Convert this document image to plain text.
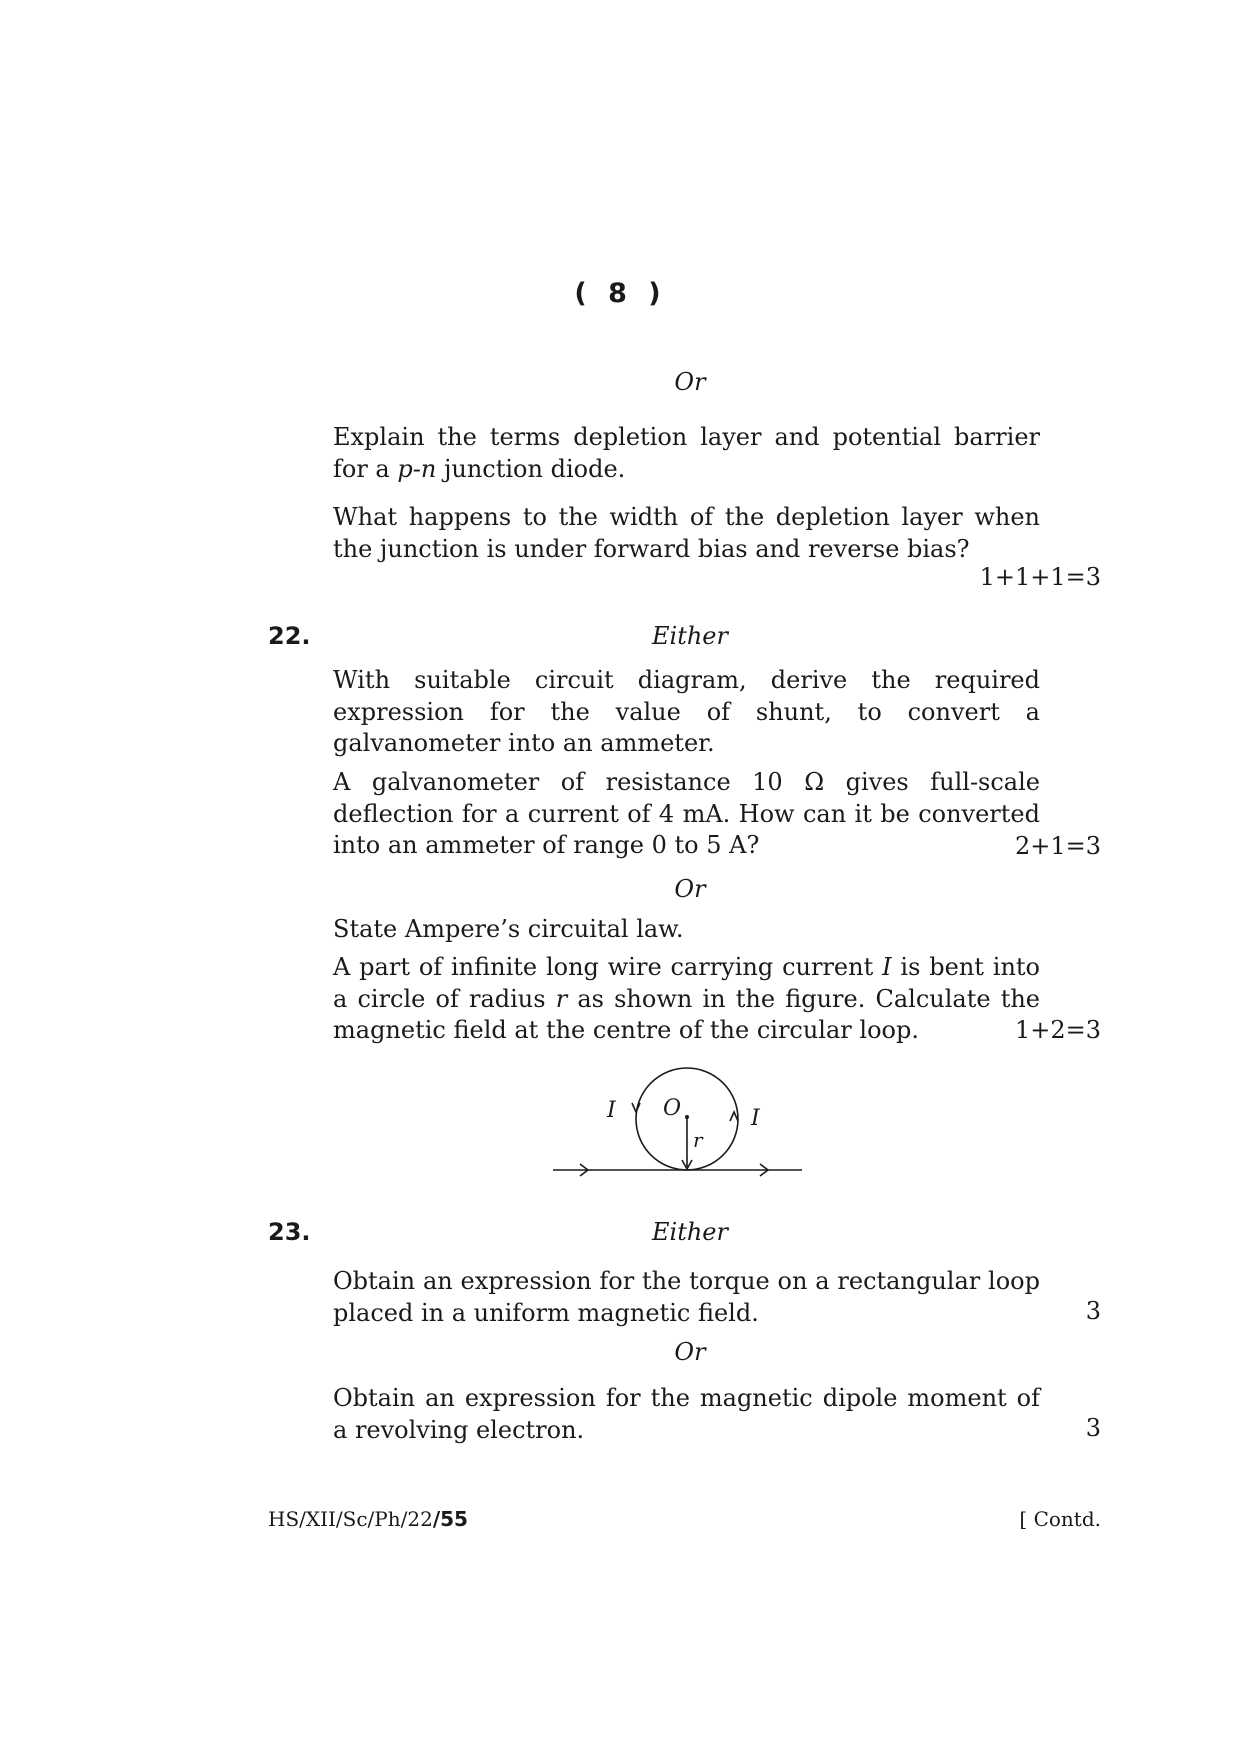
( 8 )
Or
Explain the terms depletion layer and potential barrier

for a p-n junction diode.
What happens to the width of the depletion layer when the junction is under forward bias and reverse bias?
1+1+1=3
22.	Either
With suitable circuit diagram, derive the required expression for the value of shunt, to convert a galvanometer into an ammeter.
A galvanometer of resistance 10 Ω gives full-scale deflection for a current of 4 mA. How can it be converted into an ammeter of range 0 to 5 A?	2+1=3
Or
State Ampere’s circuital law.
A part of infinite long wire carrying current I is bent into a circle of radius r as shown in the figure. Calculate the magnetic field at the centre of the circular loop.	1+2=3
I O
r
I
23.	Either
Obtain an expression for the torque on a rectangular loop placed in a uniform magnetic field.	3
Or
Obtain an expression for the magnetic dipole moment of a revolving electron.	3
HS/XII/Sc/Ph/22/55	[ Contd.
